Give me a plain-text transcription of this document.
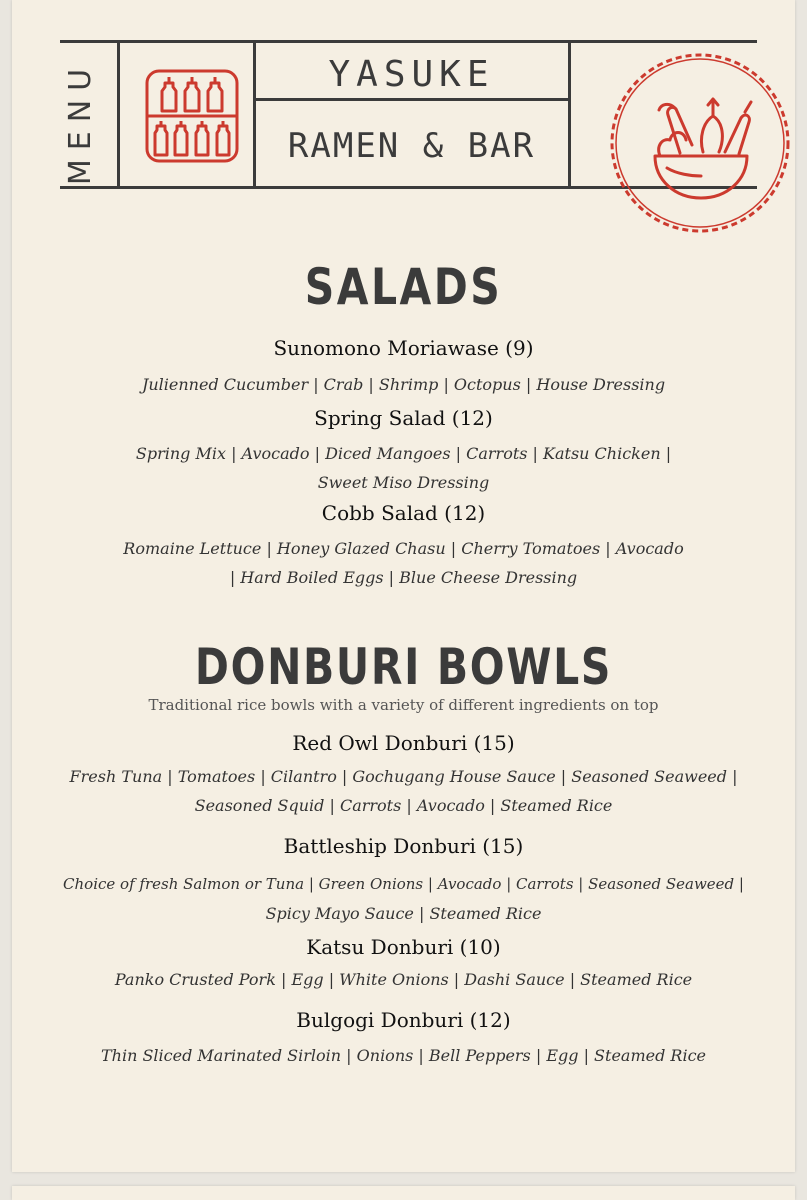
MENU	YASUKE
RAMEN & BAR
SALADS
Sunomono Moriawase (9)
Julienned Cucumber | Crab | Shrimp | Octopus | House Dressing
Spring Salad (12)
Spring Mix | Avocado | Diced Mangoes | Carrots | Katsu Chicken |
Sweet Miso Dressing
Cobb Salad (12)
Romaine Lettuce | Honey Glazed Chasu | Cherry Tomatoes | Avocado
| Hard Boiled Eggs | Blue Cheese Dressing
DONBURI BOWLS
Traditional rice bowls with a variety of different ingredients on top
Red Owl Donburi (15)
Fresh Tuna | Tomatoes | Cilantro | Gochugang House Sauce | Seasoned Seaweed |
Seasoned Squid | Carrots | Avocado | Steamed Rice
Battleship Donburi (15)
Choice of fresh Salmon or Tuna | Green Onions | Avocado | Carrots | Seasoned Seaweed |
Spicy Mayo Sauce | Steamed Rice
Katsu Donburi (10)
Panko Crusted Pork | Egg | White Onions | Dashi Sauce | Steamed Rice
Bulgogi Donburi (12)
Thin Sliced Marinated Sirloin | Onions | Bell Peppers | Egg | Steamed Rice
